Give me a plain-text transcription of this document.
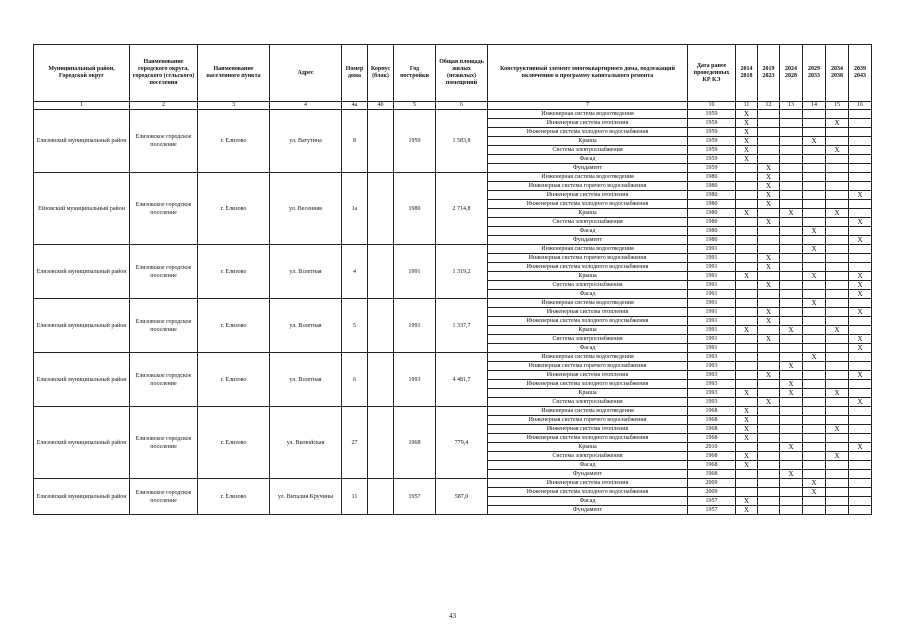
Муниципальный район, Городской округ	Наименование городского округа, городского (сельского) поселения	Наименование населенного пункта	Адрес	Номер дома	Корпус (блок)	Год постройки	Общая площадь жилых (нежилых) помещений	Конструктивный элемент многоквартирного дома, подлежащий включению в программу капитального ремонта	Дата ранее проведенных КР КЭ	2014 2018	2019 2023	2024 2028	2029 2033	2034 2038	2039 2043
1	2	3	4	4а	4б	5	6	7	10	11	12	13	14	15	16
Елизовский муниципальный район	Елизовское городское поселение	г. Елизово	ул. Ватутина	8		1959	1 583,8	Инженерная система водоотведения	1959	X					
								Инженерная система отопления	1959	X				X	
								Инженерная система холодного водоснабжения	1959	X					
								Крыша	1959	X			X		
								Система электроснабжения	1959	X				X	
								Фасад	1959	X					
								Фундамент	1959		X				
Ейзовский муниципальный район	Елизовское городское поселение	г. Елизово	ул. Весенняя	1а		1980	2 714,8	Инженерная система водоотведения	1980		X				
								Инженерная система горячего водоснабжения	1980		X				
								Инженерная система отопления	1980		X				X
								Инженерная система холодного водоснабжения	1980		X				
								Крыша	1980	X		X		X	
								Система электроснабжения	1980		X				X
								Фасад	1980				X		
								Фундамент	1980						X
Елизовский муниципальный район	Елизовское городское поселение	г. Елизово	ул. Взлетная	4		1991	1 319,2	Инженерная система водоотведения	1991				X		
								Инженерная система горячего водоснабжения	1991		X				
								Инженерная система холодного водоснабжения	1991		X				
								Крыша	1991	X			X		X
								Система электроснабжения	1991		X				X
								Фасад	1991						X
Елизовский муниципальный район	Елизовское городское поселение	г. Елизово	ул. Взлетная	5		1991	1 337,7	Инженерная система водоотведения	1991				X		
								Инженерная система отопления	1991		X				X
								Инженерная система холодного водоснабжения	1991		X				
								Крыша	1991	X		X		X	
								Система электроснабжения	1991		X				X
								Фасад	1991						X
Елизовский муниципальный район	Елизовское городское поселение	г. Елизово	ул. Взлетная	6		1993	4 481,7	Инженерная система водоотведения	1993				X		
								Инженерная система горячего водоснабжения	1993			X			
								Инженерная система отопления	1993		X				X
								Инженерная система холодного водоснабжения	1993			X			
								Крыша	1993	X		X		X	
								Система электроснабжения	1993		X				X
Елизовский муниципальный район	Елизовское городское поселение	г. Елизово	ул. Вилюйская	27		1968	779,4	Инженерная система водоотведения	1968	X					
								Инженерная система горячего водоснабжения	1968	X					
								Инженерная система отопления	1968	X				X	
								Инженерная система холодного водоснабжения	1968	X					
								Крыша	2010			X			X
								Система электроснабжения	1968	X				X	
								Фасад	1968	X					
								Фундамент	1968			X			
Елизовский муниципальный район	Елизовское городское поселение	г. Елизово	ул. Виталия Кручины	11		1957	587,0	Инженерная система отопления	2009				X		
								Инженерная система холодного водоснабжения	2009				X		
								Фасад	1957	X					
								Фундамент	1957	X					
43
